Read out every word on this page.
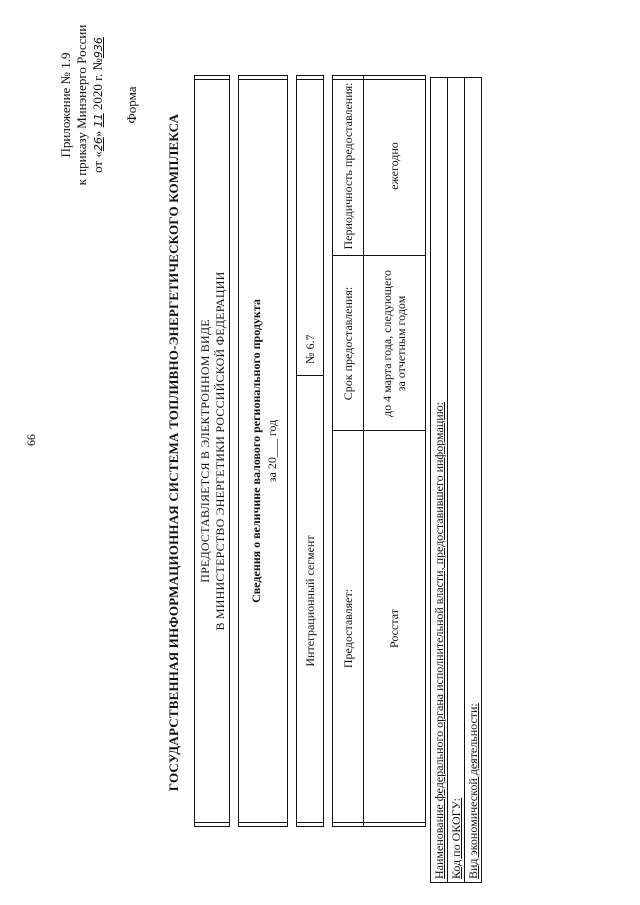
66
Приложение № 1.9 к приказу Минэнерго России от «26» 11 2020 г. №936
Форма
ГОСУДАРСТВЕННАЯ ИНФОРМАЦИОННАЯ СИСТЕМА ТОПЛИВНО-ЭНЕРГЕТИЧЕСКОГО КОМПЛЕКСА ПРЕДОСТАВЛЯЕТСЯ В ЭЛЕКТРОННОМ ВИДЕ В МИНИСТЕРСТВО ЭНЕРГЕТИКИ РОССИЙСКОЙ ФЕДЕРАЦИИ Сведения о величине валового регионального продукта за 20___ год
Интеграционный сегмент
№ 6.7
Предоставляет:
Срок предоставления:
Периодичность предоставления:
Росстат
до 4 марта года, следующего за отчетным годом
ежегодно
Наименование федерального органа исполнительной власти, предоставившего информацию: Код по ОКОГУ: Вид экономической деятельности:
